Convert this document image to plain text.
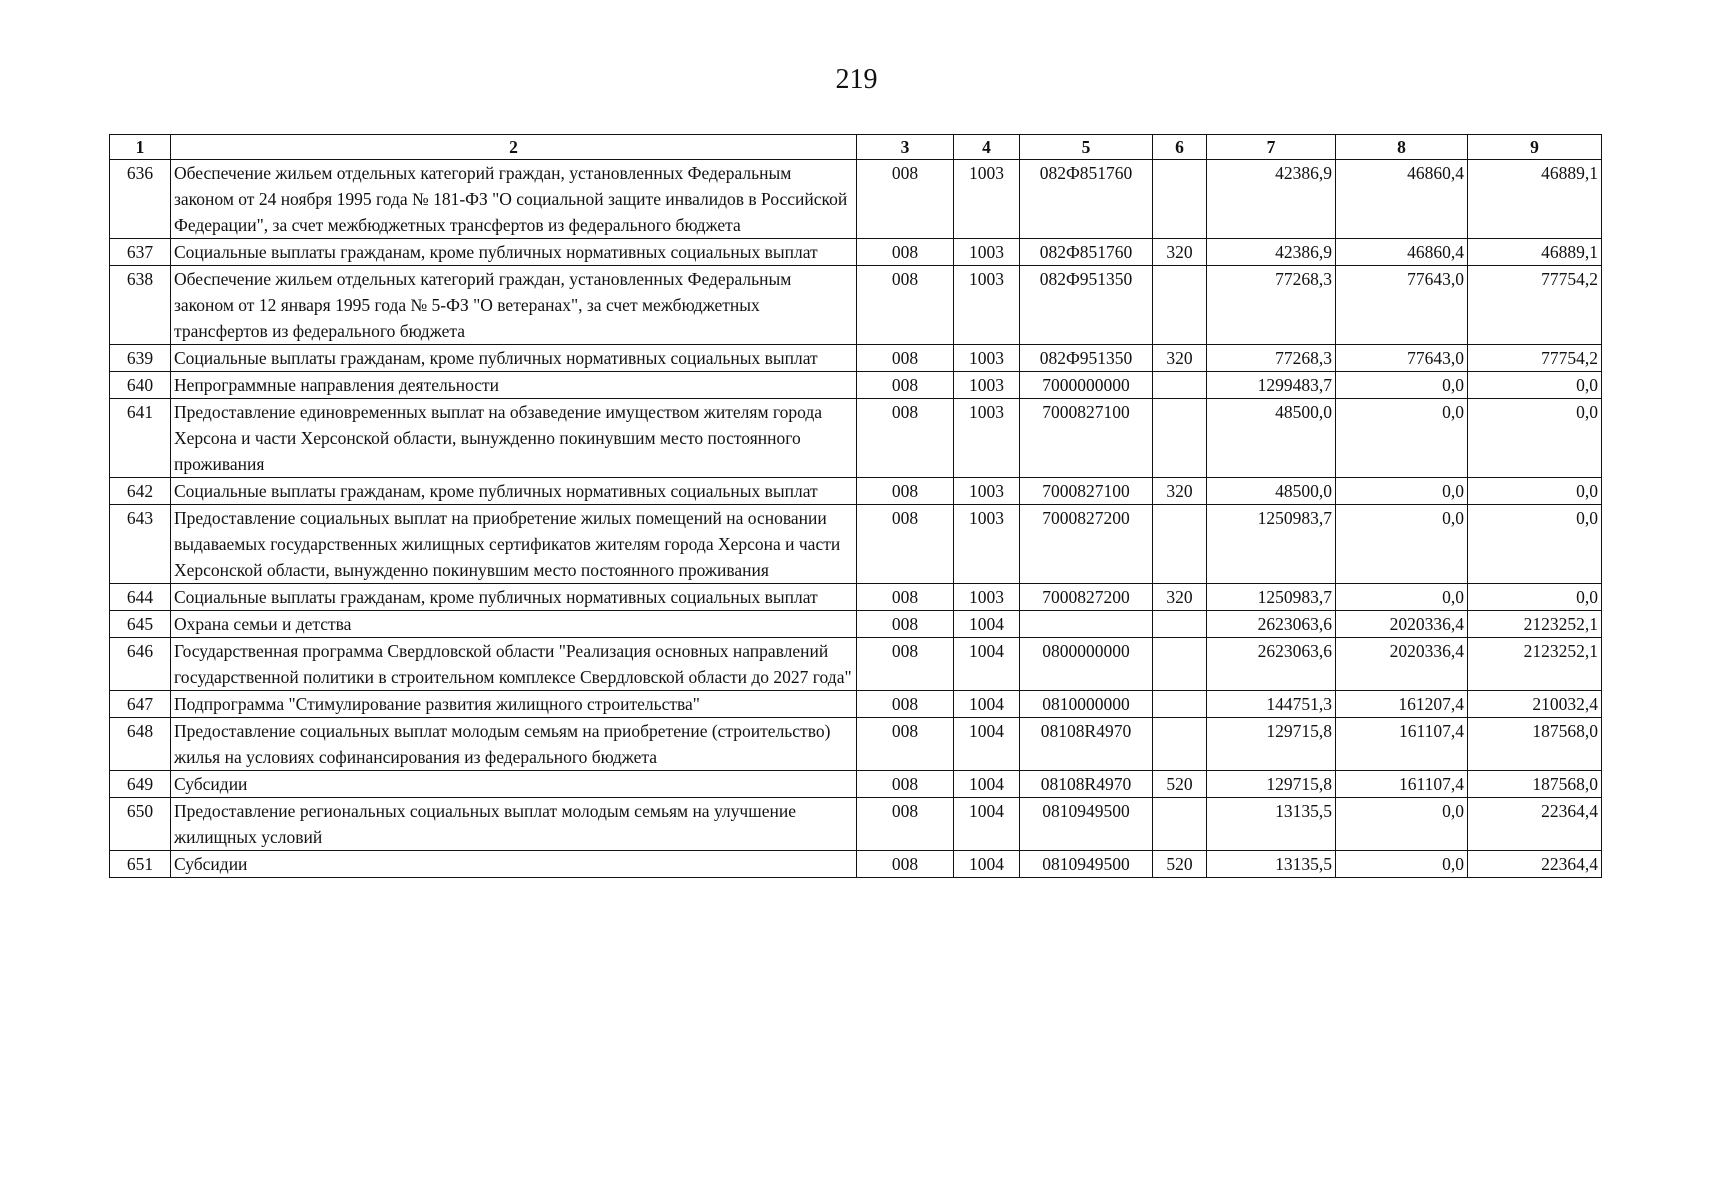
219
1	2	3	4	5	6	7	8	9
636	Обеспечение жильем отдельных категорий граждан, установленных Федеральным законом от 24 ноября 1995 года № 181-ФЗ "О социальной защите инвалидов в Российской Федерации", за счет межбюджетных трансфертов из федерального бюджета	008	1003	082Ф851760		42386,9	46860,4	46889,1
637	Социальные выплаты гражданам, кроме публичных нормативных социальных выплат	008	1003	082Ф851760	320	42386,9	46860,4	46889,1
638	Обеспечение жильем отдельных категорий граждан, установленных Федеральным законом от 12 января 1995 года № 5-ФЗ "О ветеранах", за счет межбюджетных трансфертов из федерального бюджета	008	1003	082Ф951350		77268,3	77643,0	77754,2
639	Социальные выплаты гражданам, кроме публичных нормативных социальных выплат	008	1003	082Ф951350	320	77268,3	77643,0	77754,2
640	Непрограммные направления деятельности	008	1003	7000000000		1299483,7	0,0	0,0
641	Предоставление единовременных выплат на обзаведение имуществом жителям города Херсона и части Херсонской области, вынужденно покинувшим место постоянного проживания	008	1003	7000827100		48500,0	0,0	0,0
642	Социальные выплаты гражданам, кроме публичных нормативных социальных выплат	008	1003	7000827100	320	48500,0	0,0	0,0
643	Предоставление социальных выплат на приобретение жилых помещений на основании выдаваемых государственных жилищных сертификатов жителям города Херсона и части Херсонской области, вынужденно покинувшим место постоянного проживания	008	1003	7000827200		1250983,7	0,0	0,0
644	Социальные выплаты гражданам, кроме публичных нормативных социальных выплат	008	1003	7000827200	320	1250983,7	0,0	0,0
645	Охрана семьи и детства	008	1004			2623063,6	2020336,4	2123252,1
646	Государственная программа Свердловской области "Реализация основных направлений государственной политики в строительном комплексе Свердловской области до 2027 года"	008	1004	0800000000		2623063,6	2020336,4	2123252,1
647	Подпрограмма "Стимулирование развития жилищного строительства"	008	1004	0810000000		144751,3	161207,4	210032,4
648	Предоставление социальных выплат молодым семьям на приобретение (строительство) жилья на условиях софинансирования из федерального бюджета	008	1004	08108R4970		129715,8	161107,4	187568,0
649	Субсидии	008	1004	08108R4970	520	129715,8	161107,4	187568,0
650	Предоставление региональных социальных выплат молодым семьям на улучшение жилищных условий	008	1004	0810949500		13135,5	0,0	22364,4
651	Субсидии	008	1004	0810949500	520	13135,5	0,0	22364,4
